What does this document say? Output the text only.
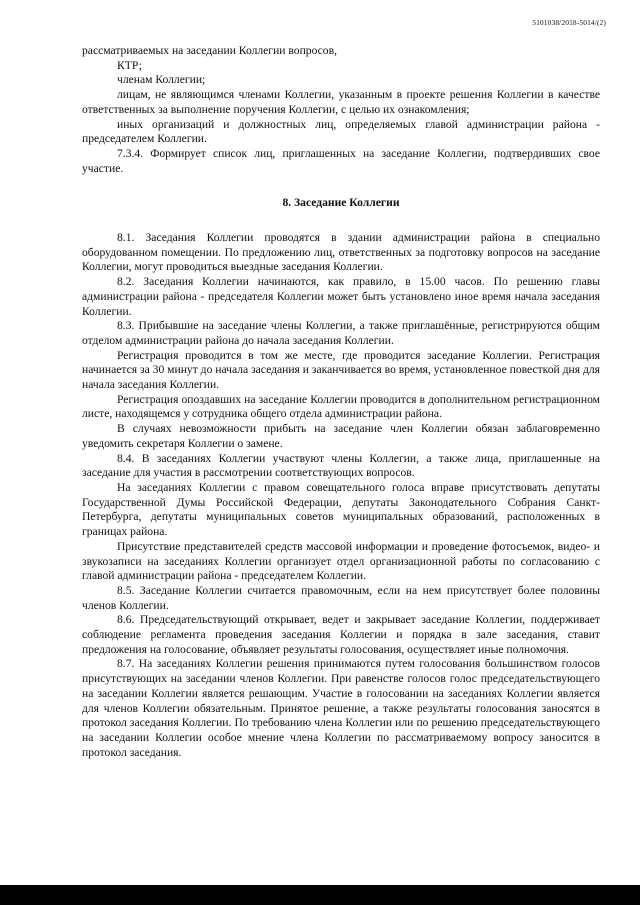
5101038/2018-5014/(2)

рассматриваемых на заседании Коллегии вопросов,

КТР;

членам Коллегии;

лицам, не являющимся членами Коллегии, указанным в проекте решения Коллегии в качестве ответственных за выполнение поручения Коллегии, с целью их ознакомления;

иных организаций и должностных лиц, определяемых главой администрации района - председателем Коллегии.

7.3.4. Формирует список лиц, приглашенных на заседание Коллегии, подтвердивших свое участие.

8. Заседание Коллегии

8.1. Заседания Коллегии проводятся в здании администрации района в специально оборудованном помещении. По предложению лиц, ответственных за подготовку вопросов на заседание Коллегии, могут проводиться выездные заседания Коллегии.

8.2. Заседания Коллегии начинаются, как правило, в 15.00 часов. По решению главы администрации района - председателя Коллегии может быть установлено иное время начала заседания Коллегии.

8.3. Прибывшие на заседание члены Коллегии, а также приглашённые, регистрируются общим отделом администрации района до начала заседания Коллегии.

Регистрация проводится в том же месте, где проводится заседание Коллегии. Регистрация начинается за 30 минут до начала заседания и заканчивается во время, установленное повесткой дня для начала заседания Коллегии.

Регистрация опоздавших на заседание Коллегии проводится в дополнительном регистрационном листе, находящемся у сотрудника общего отдела администрации района.

В случаях невозможности прибыть на заседание член Коллегии обязан заблаговременно уведомить секретаря Коллегии о замене.

8.4. В заседаниях Коллегии участвуют члены Коллегии, а также лица, приглашенные на заседание для участия в рассмотрении соответствующих вопросов.

На заседаниях Коллегии с правом совещательного голоса вправе присутствовать депутаты Государственной Думы Российской Федерации, депутаты Законодательного Собрания Санкт-Петербурга, депутаты муниципальных советов муниципальных образований, расположенных в границах района.

Присутствие представителей средств массовой информации и проведение фотосъемок, видео- и звукозаписи на заседаниях Коллегии организует отдел организационной работы по согласованию с главой администрации района - председателем Коллегии.

8.5. Заседание Коллегии считается правомочным, если на нем присутствует более половины членов Коллегии.

8.6. Председательствующий открывает, ведет и закрывает заседание Коллегии, поддерживает соблюдение регламента проведения заседания Коллегии и порядка в зале заседания, ставит предложения на голосование, объявляет результаты голосования, осуществляет иные полномочия.

8.7. На заседаниях Коллегии решения принимаются путем голосования большинством голосов присутствующих на заседании членов Коллегии. При равенстве голосов голос председательствующего на заседании Коллегии является решающим. Участие в голосовании на заседаниях Коллегии является для членов Коллегии обязательным. Принятое решение, а также результаты голосования заносятся в протокол заседания Коллегии. По требованию члена Коллегии или по решению председательствующего на заседании Коллегии особое мнение члена Коллегии по рассматриваемому вопросу заносится в протокол заседания.
